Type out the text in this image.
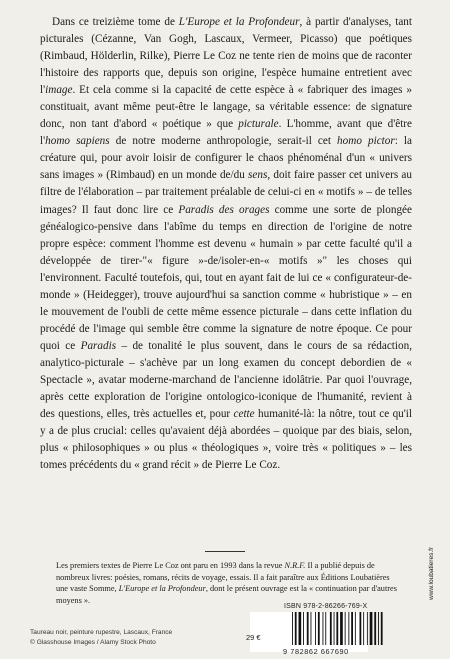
Dans ce treizième tome de L'Europe et la Profondeur, à partir d'analyses, tant picturales (Cézanne, Van Gogh, Lascaux, Vermeer, Picasso) que poétiques (Rimbaud, Hölderlin, Rilke), Pierre Le Coz ne tente rien de moins que de raconter l'histoire des rapports que, depuis son origine, l'espèce humaine entretient avec l'image. Et cela comme si la capacité de cette espèce à « fabriquer des images » constituait, avant même peut-être le langage, sa véritable essence: de signature donc, non tant d'abord « poétique » que picturale. L'homme, avant que d'être l'homo sapiens de notre moderne anthropologie, serait-il cet homo pictor: la créature qui, pour avoir loisir de configurer le chaos phénoménal d'un « univers sans images » (Rimbaud) en un monde de/du sens, doit faire passer cet univers au filtre de l'élaboration – par traitement préalable de celui-ci en « motifs » – de telles images? Il faut donc lire ce Paradis des orages comme une sorte de plongée généalogico-pensive dans l'abîme du temps en direction de l'origine de notre propre espèce: comment l'homme est devenu « humain » par cette faculté qu'il a développée de tirer-"« figure »-de/isoler-en-« motifs »" les choses qui l'environnent. Faculté toutefois, qui, tout en ayant fait de lui ce « configurateur-de-monde » (Heidegger), trouve aujourd'hui sa sanction comme « hubristique » – en le mouvement de l'oubli de cette même essence picturale – dans cette inflation du procédé de l'image qui semble être comme la signature de notre époque. Ce pour quoi ce Paradis – de tonalité le plus souvent, dans le cours de sa rédaction, analytico-picturale – s'achève par un long examen du concept debordien de « Spectacle », avatar moderne-marchand de l'ancienne idolâtrie. Par quoi l'ouvrage, après cette exploration de l'origine ontologico-iconique de l'humanité, revient à des questions, elles, très actuelles et, pour cette humanité-là: la nôtre, tout ce qu'il y a de plus crucial: celles qu'avaient déjà abordées – quoique par des biais, selon, plus « philosophiques » ou plus « théologiques », voire très « politiques » – les tomes précédents du « grand récit » de Pierre Le Coz.

Les premiers textes de Pierre Le Coz ont paru en 1993 dans la revue N.R.F. Il a publié depuis de nombreux livres: poésies, romans, récits de voyage, essais. Il a fait paraître aux Éditions Loubatières une vaste Somme, L'Europe et la Profondeur, dont le présent ouvrage est la « continuation par d'autres moyens ».

Taureau noir, peinture rupestre, Lascaux, France

© Glasshouse Images / Alamy Stock Photo

ISBN 978-2-86266-769-X
29 €
9 782862 667690
www.loubatieres.fr
